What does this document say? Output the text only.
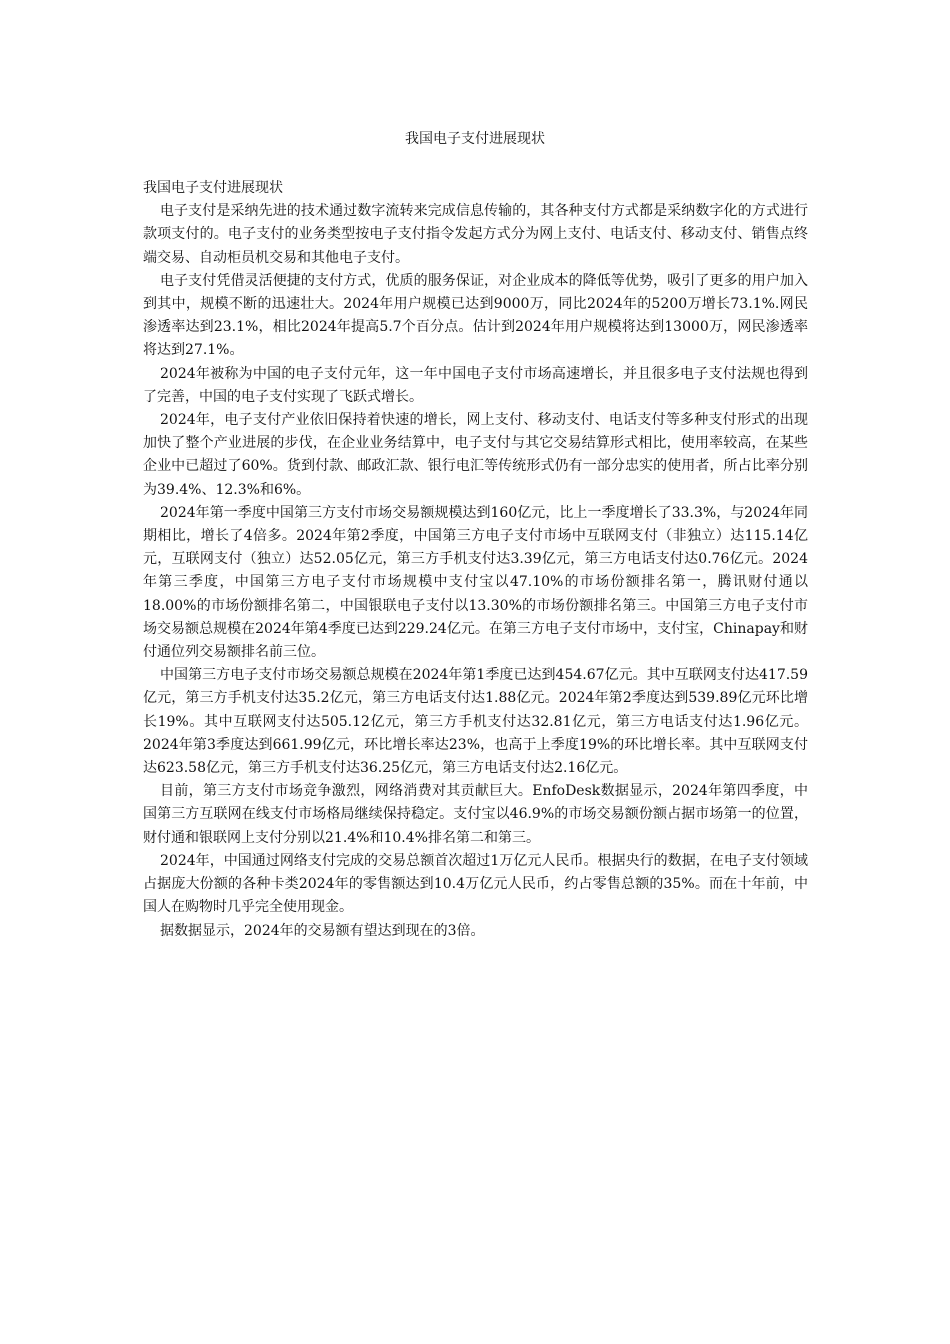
我国电子支付进展现状

我国电子支付进展现状

电子支付是采纳先进的技术通过数字流转来完成信息传输的，其各种支付方式都是采纳数字化的方式进行款项支付的。电子支付的业务类型按电子支付指令发起方式分为网上支付、电话支付、移动支付、销售点终端交易、自动柜员机交易和其他电子支付。

电子支付凭借灵活便捷的支付方式，优质的服务保证，对企业成本的降低等优势，吸引了更多的用户加入到其中，规模不断的迅速壮大。2024年用户规模已达到9000万，同比2024年的5200万增长73.1%.网民渗透率达到23.1%，相比2024年提高5.7个百分点。估计到2024年用户规模将达到13000万，网民渗透率将达到27.1%。

2024年被称为中国的电子支付元年，这一年中国电子支付市场高速增长，并且很多电子支付法规也得到了完善，中国的电子支付实现了飞跃式增长。

2024年，电子支付产业依旧保持着快速的增长，网上支付、移动支付、电话支付等多种支付形式的出现加快了整个产业进展的步伐，在企业业务结算中，电子支付与其它交易结算形式相比，使用率较高，在某些企业中已超过了60%。货到付款、邮政汇款、银行电汇等传统形式仍有一部分忠实的使用者，所占比率分别为39.4%、12.3%和6%。

2024年第一季度中国第三方支付市场交易额规模达到160亿元，比上一季度增长了33.3%，与2024年同期相比，增长了4倍多。2024年第2季度，中国第三方电子支付市场中互联网支付（非独立）达115.14亿元，互联网支付（独立）达52.05亿元，第三方手机支付达3.39亿元，第三方电话支付达0.76亿元。2024年第三季度，中国第三方电子支付市场规模中支付宝以47.10%的市场份额排名第一，腾讯财付通以18.00%的市场份额排名第二，中国银联电子支付以13.30%的市场份额排名第三。中国第三方电子支付市场交易额总规模在2024年第4季度已达到229.24亿元。在第三方电子支付市场中，支付宝，Chinapay和财付通位列交易额排名前三位。

中国第三方电子支付市场交易额总规模在2024年第1季度已达到454.67亿元。其中互联网支付达417.59亿元，第三方手机支付达35.2亿元，第三方电话支付达1.88亿元。2024年第2季度达到539.89亿元环比增长19%。其中互联网支付达505.12亿元，第三方手机支付达32.81亿元，第三方电话支付达1.96亿元。2024年第3季度达到661.99亿元，环比增长率达23%，也高于上季度19%的环比增长率。其中互联网支付达623.58亿元，第三方手机支付达36.25亿元，第三方电话支付达2.16亿元。

目前，第三方支付市场竞争激烈，网络消费对其贡献巨大。EnfoDesk数据显示，2024年第四季度，中国第三方互联网在线支付市场格局继续保持稳定。支付宝以46.9%的市场交易额份额占据市场第一的位置，财付通和银联网上支付分别以21.4%和10.4%排名第二和第三。

2024年，中国通过网络支付完成的交易总额首次超过1万亿元人民币。根据央行的数据，在电子支付领域占据庞大份额的各种卡类2024年的零售额达到10.4万亿元人民币，约占零售总额的35%。而在十年前，中国人在购物时几乎完全使用现金。

据数据显示，2024年的交易额有望达到现在的3倍。
